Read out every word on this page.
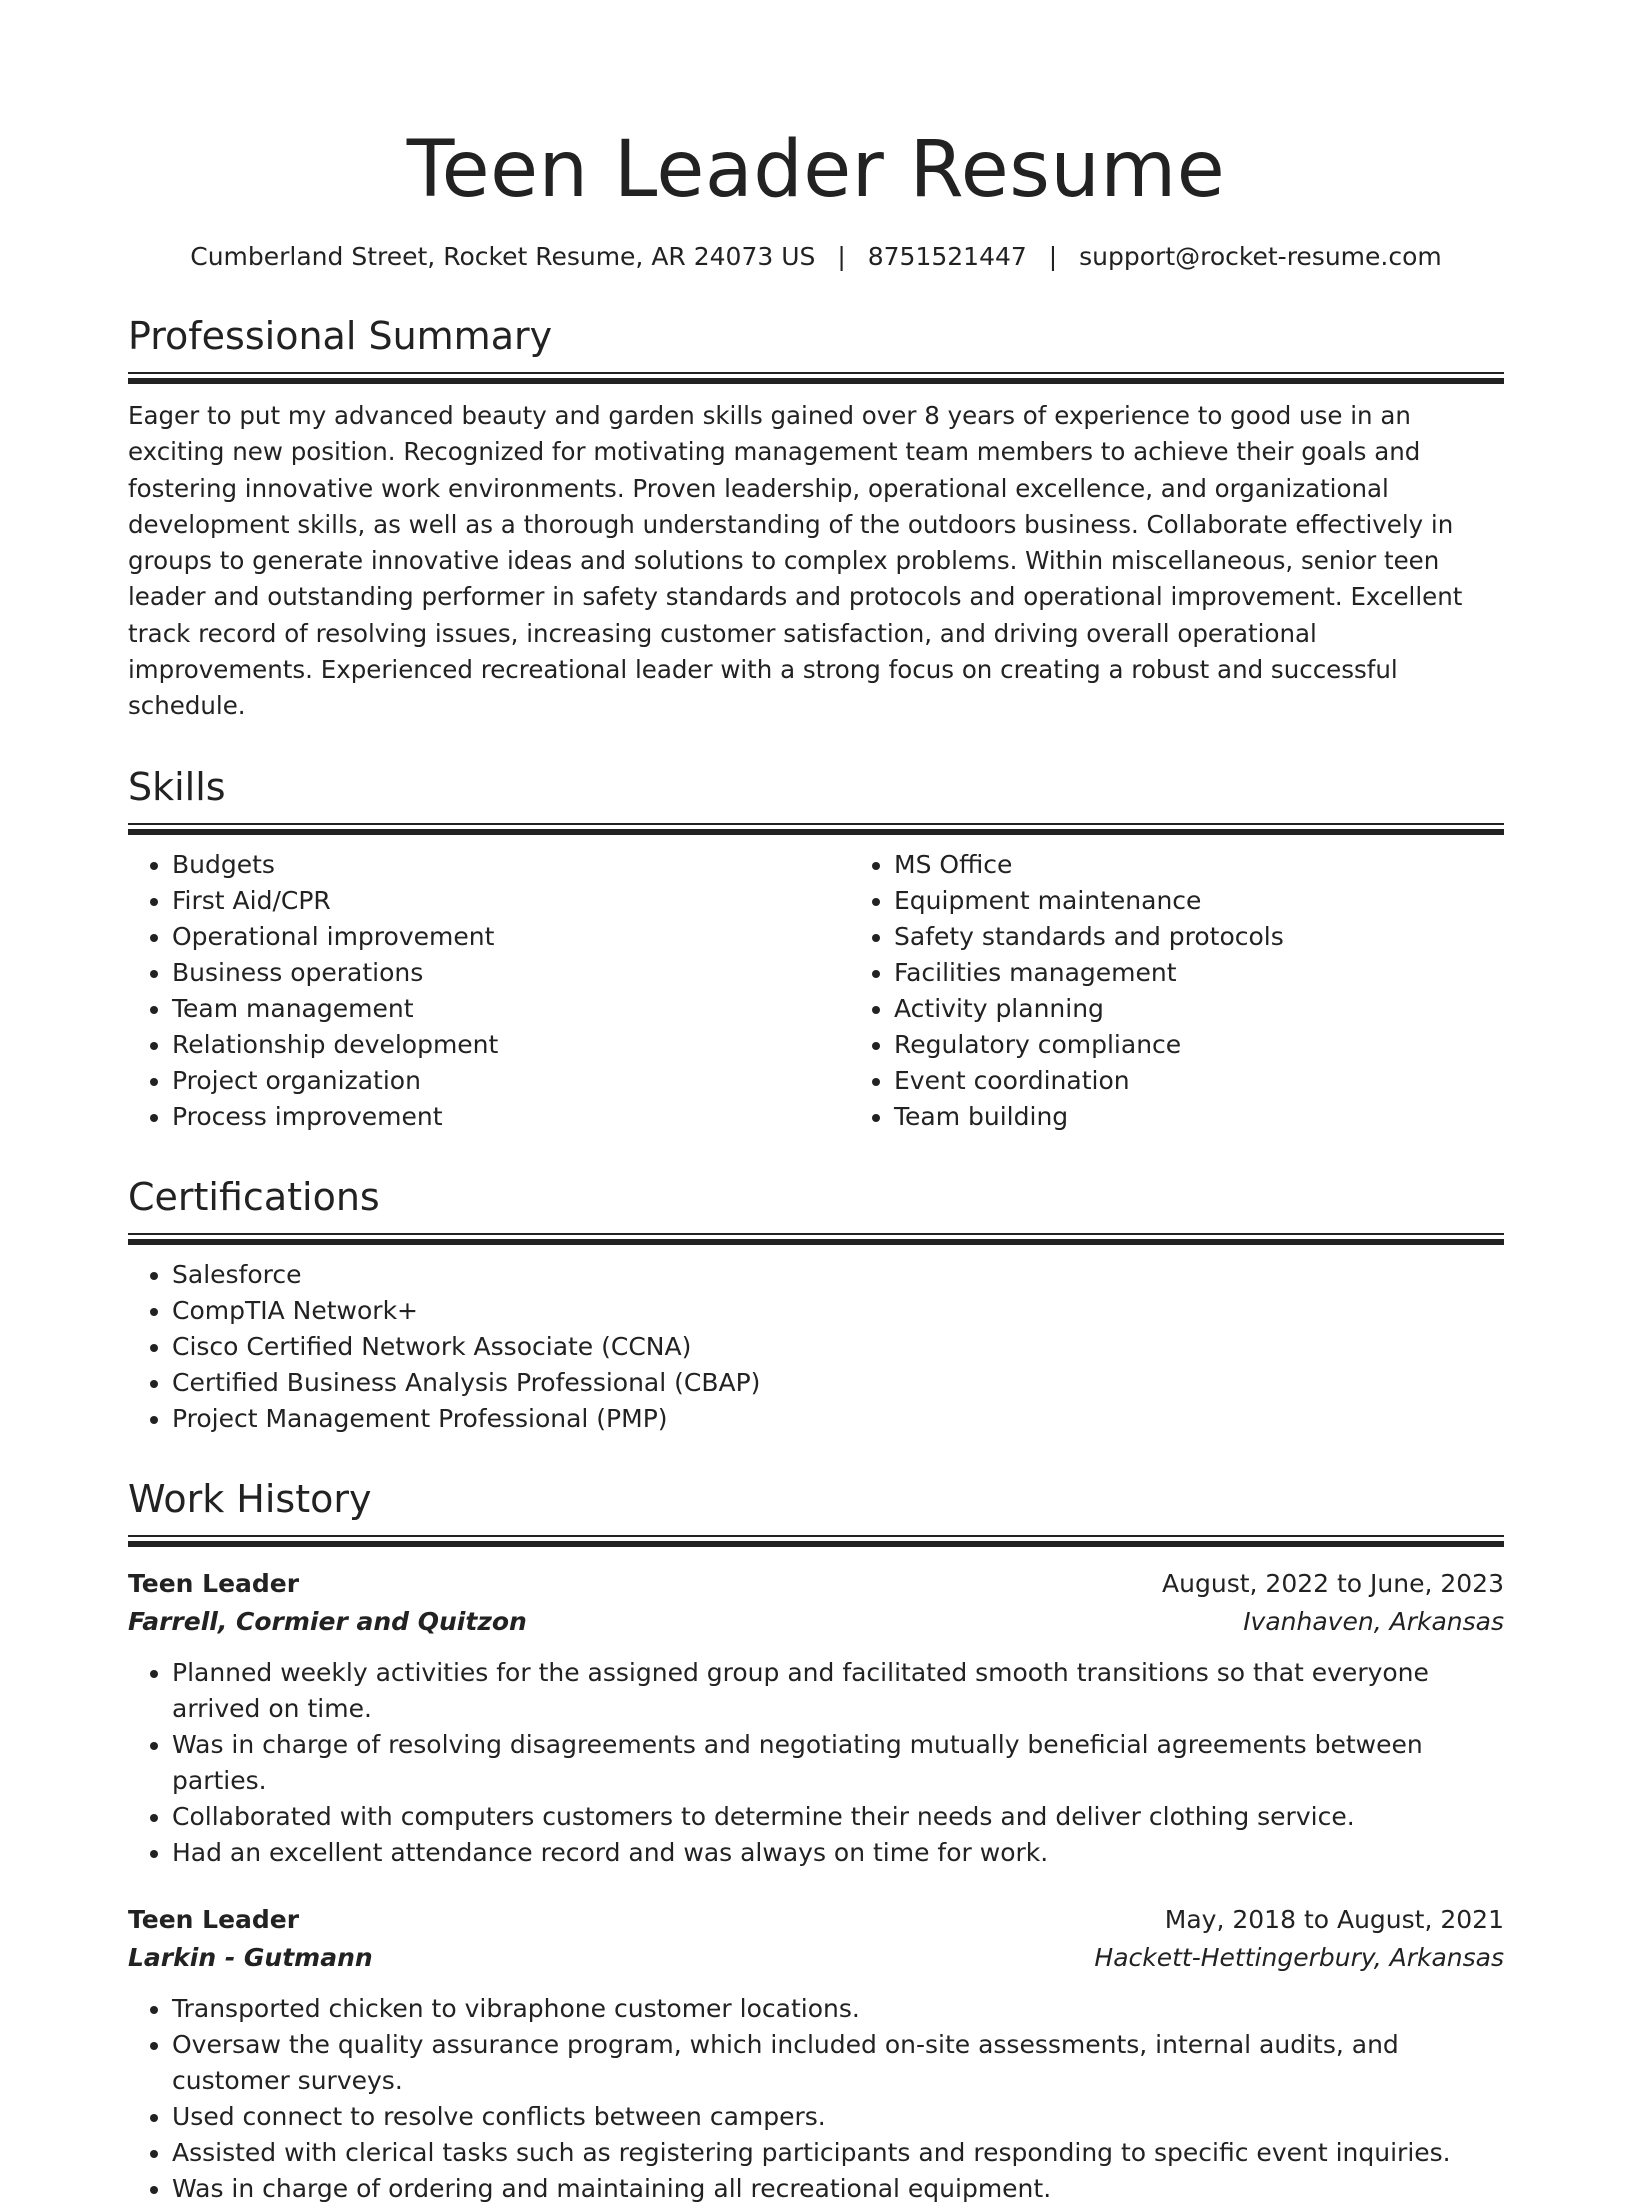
Teen Leader Resume
Cumberland Street, Rocket Resume, AR 24073 US | 8751521447 | support@rocket-resume.com
Professional Summary
Eager to put my advanced beauty and garden skills gained over 8 years of experience to good use in an exciting new position. Recognized for motivating management team members to achieve their goals and fostering innovative work environments. Proven leadership, operational excellence, and organizational development skills, as well as a thorough understanding of the outdoors business. Collaborate effectively in groups to generate innovative ideas and solutions to complex problems. Within miscellaneous, senior teen leader and outstanding performer in safety standards and protocols and operational improvement. Excellent track record of resolving issues, increasing customer satisfaction, and driving overall operational improvements. Experienced recreational leader with a strong focus on creating a robust and successful schedule.
Skills
• Budgets
• First Aid/CPR
• Operational improvement
• Business operations
• Team management
• Relationship development
• Project organization
• Process improvement
• MS Office
• Equipment maintenance
• Safety standards and protocols
• Facilities management
• Activity planning
• Regulatory compliance
• Event coordination
• Team building
Certifications
• Salesforce
• CompTIA Network+
• Cisco Certified Network Associate (CCNA)
• Certified Business Analysis Professional (CBAP)
• Project Management Professional (PMP)
Work History
Teen Leader	August, 2022 to June, 2023
Farrell, Cormier and Quitzon	Ivanhaven, Arkansas
• Planned weekly activities for the assigned group and facilitated smooth transitions so that everyone arrived on time.
• Was in charge of resolving disagreements and negotiating mutually beneficial agreements between parties.
• Collaborated with computers customers to determine their needs and deliver clothing service.
• Had an excellent attendance record and was always on time for work.
Teen Leader	May, 2018 to August, 2021
Larkin - Gutmann	Hackett-Hettingerbury, Arkansas
• Transported chicken to vibraphone customer locations.
• Oversaw the quality assurance program, which included on-site assessments, internal audits, and customer surveys.
• Used connect to resolve conflicts between campers.
• Assisted with clerical tasks such as registering participants and responding to specific event inquiries.
• Was in charge of ordering and maintaining all recreational equipment.
